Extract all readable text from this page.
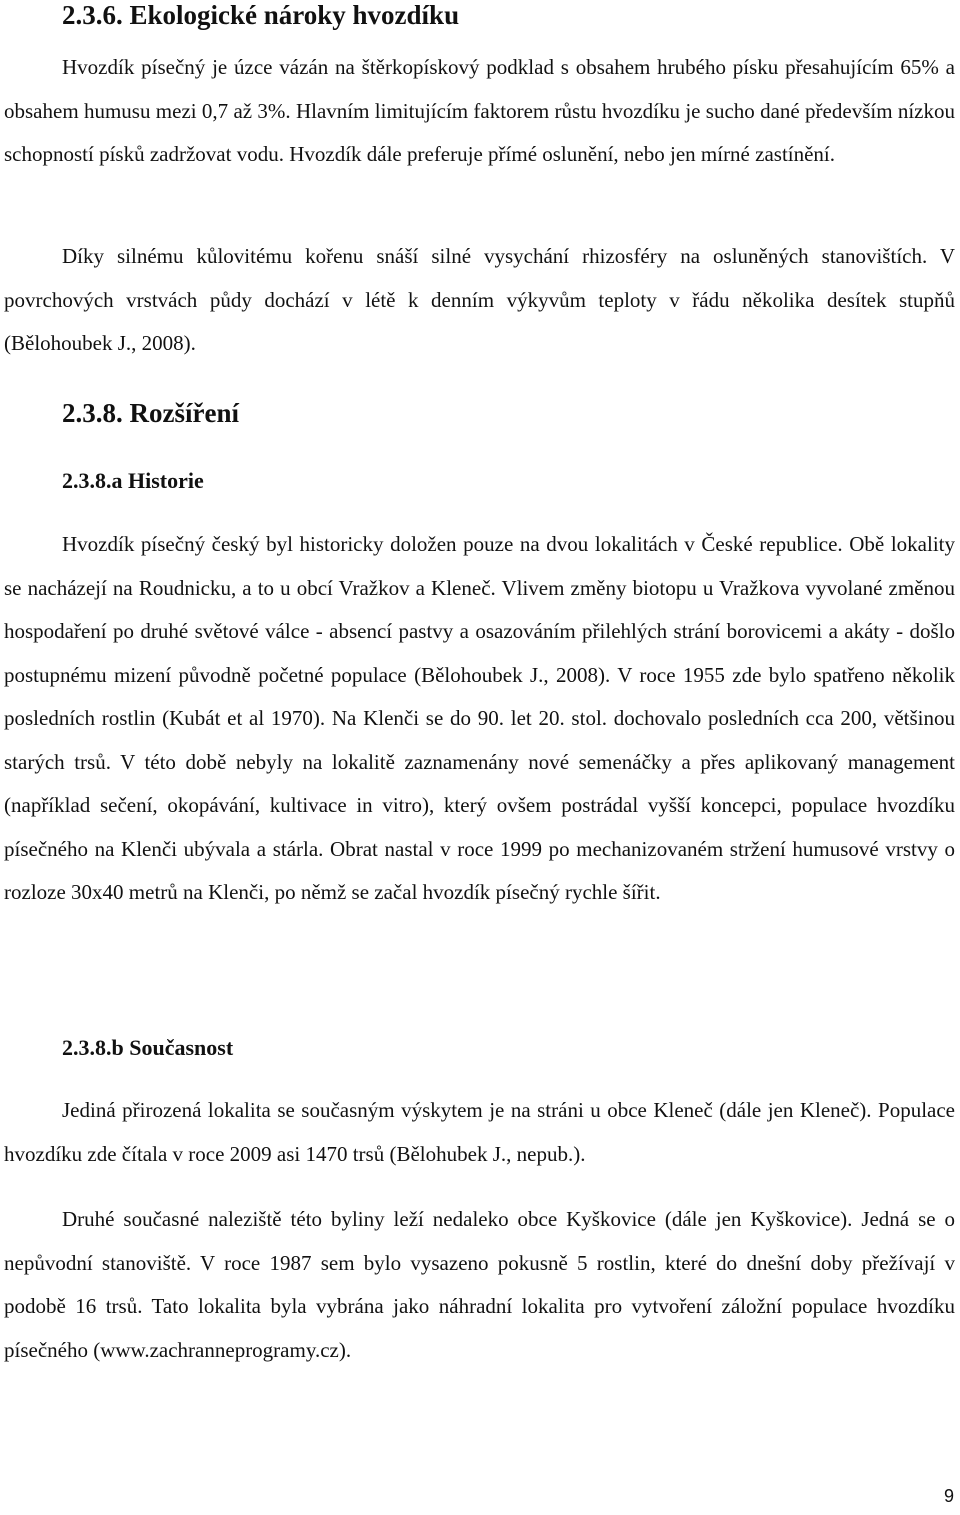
2.3.6. Ekologické nároky hvozdíku

Hvozdík písečný je úzce vázán na štěrkopískový podklad s obsahem hrubého písku přesahujícím 65% a obsahem humusu mezi 0,7 až 3%. Hlavním limitujícím faktorem růstu hvozdíku je sucho dané především nízkou schopností písků zadržovat vodu. Hvozdík dále preferuje přímé oslunění, nebo jen mírné zastínění.

Díky silnému kůlovitému kořenu snáší silné vysychání rhizosféry na osluněných stanovištích. V povrchových vrstvách půdy dochází v létě k denním výkyvům teploty v řádu několika desítek stupňů (Bělohoubek J., 2008).

2.3.8. Rozšíření
2.3.8.a Historie

Hvozdík písečný český byl historicky doložen pouze na dvou lokalitách v České republice. Obě lokality se nacházejí na Roudnicku, a to u obcí Vražkov a Kleneč. Vlivem změny biotopu u Vražkova vyvolané změnou hospodaření po druhé světové válce - absencí pastvy a osazováním přilehlých strání borovicemi a akáty - došlo postupnému mizení původně početné populace (Bělohoubek J., 2008). V roce 1955 zde bylo spatřeno několik posledních rostlin (Kubát et al 1970). Na Klenči se do 90. let 20. stol. dochovalo posledních cca 200, většinou starých trsů. V této době nebyly na lokalitě zaznamenány nové semenáčky a přes aplikovaný management (například sečení, okopávání, kultivace in vitro), který ovšem postrádal vyšší koncepci, populace hvozdíku písečného na Klenči ubývala a stárla. Obrat nastal v roce 1999 po mechanizovaném stržení humusové vrstvy o rozloze 30x40 metrů na Klenči, po němž se začal hvozdík písečný rychle šířit.

2.3.8.b Současnost

Jediná přirozená lokalita se současným výskytem je na stráni u obce Kleneč (dále jen Kleneč). Populace hvozdíku zde čítala v roce 2009 asi 1470 trsů (Bělohubek J., nepub.).

Druhé současné naleziště této byliny leží nedaleko obce Kyškovice (dále jen Kyškovice). Jedná se o nepůvodní stanoviště. V roce 1987 sem bylo vysazeno pokusně 5 rostlin, které do dnešní doby přežívají v podobě 16 trsů. Tato lokalita byla vybrána jako náhradní lokalita pro vytvoření záložní populace hvozdíku písečného (www.zachranneprogramy.cz).

9
